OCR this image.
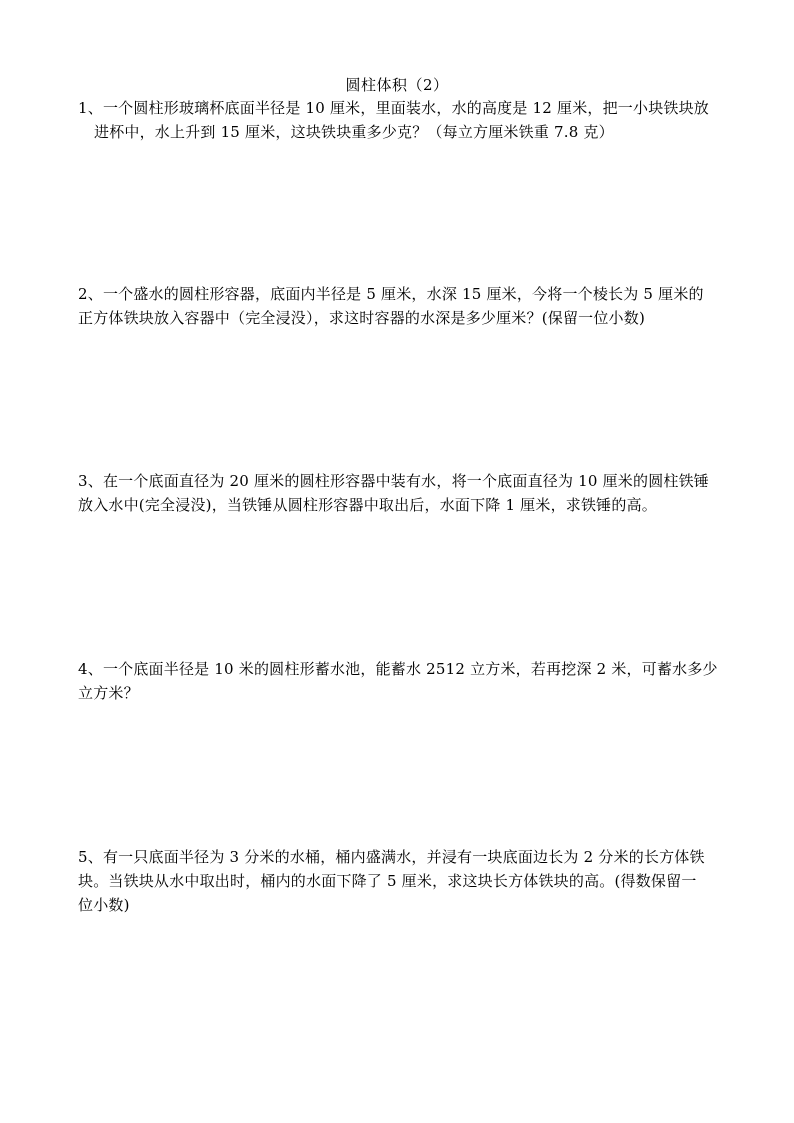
圆柱体积（2）

1、一个圆柱形玻璃杯底面半径是 10 厘米，里面装水，水的高度是 12 厘米，把一小块铁块放

进杯中，水上升到 15 厘米，这块铁块重多少克？（每立方厘米铁重 7.8 克）

2、一个盛水的圆柱形容器，底面内半径是 5 厘米，水深 15 厘米，今将一个棱长为 5 厘米的

正方体铁块放入容器中（完全浸没），求这时容器的水深是多少厘米？(保留一位小数)

3、在一个底面直径为 20 厘米的圆柱形容器中装有水，将一个底面直径为 10 厘米的圆柱铁锤

放入水中(完全浸没)，当铁锤从圆柱形容器中取出后，水面下降 1 厘米，求铁锤的高。

4、一个底面半径是 10 米的圆柱形蓄水池，能蓄水 2512 立方米，若再挖深 2 米，可蓄水多少

立方米？

5、有一只底面半径为 3 分米的水桶，桶内盛满水，并浸有一块底面边长为 2 分米的长方体铁

块。当铁块从水中取出时，桶内的水面下降了 5 厘米，求这块长方体铁块的高。(得数保留一

位小数)
